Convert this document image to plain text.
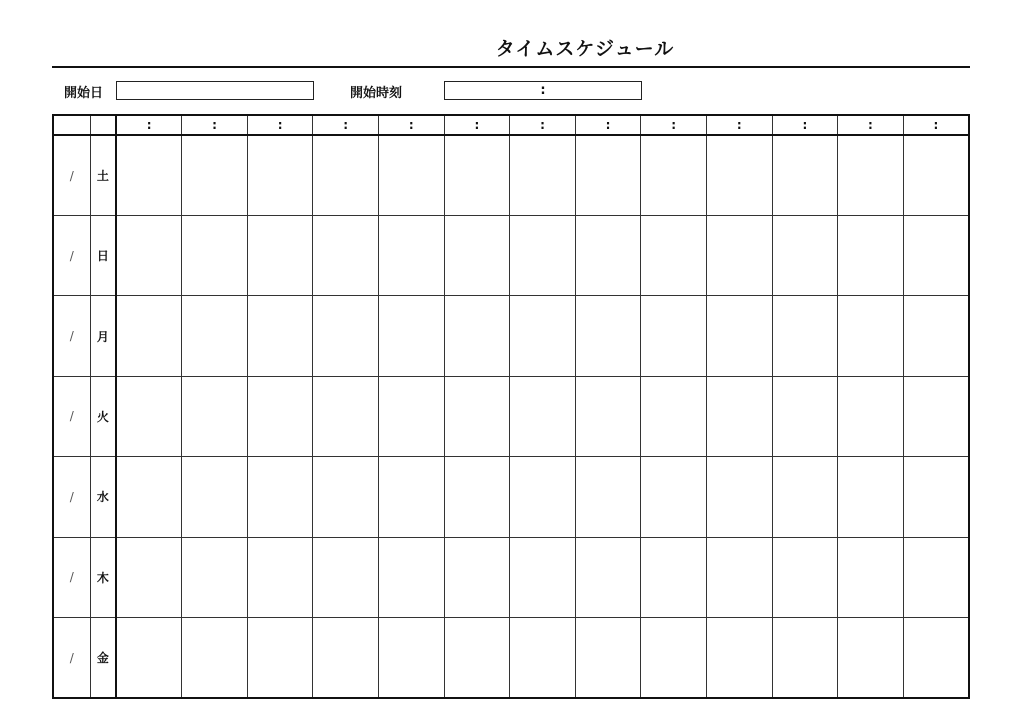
タイムスケジュール
開始日	開始時刻	:
		:	:	:	:	:	:	:	:	:	:	:	:	:
/	土													
/	日													
/	月													
/	火													
/	水													
/	木													
/	金													
